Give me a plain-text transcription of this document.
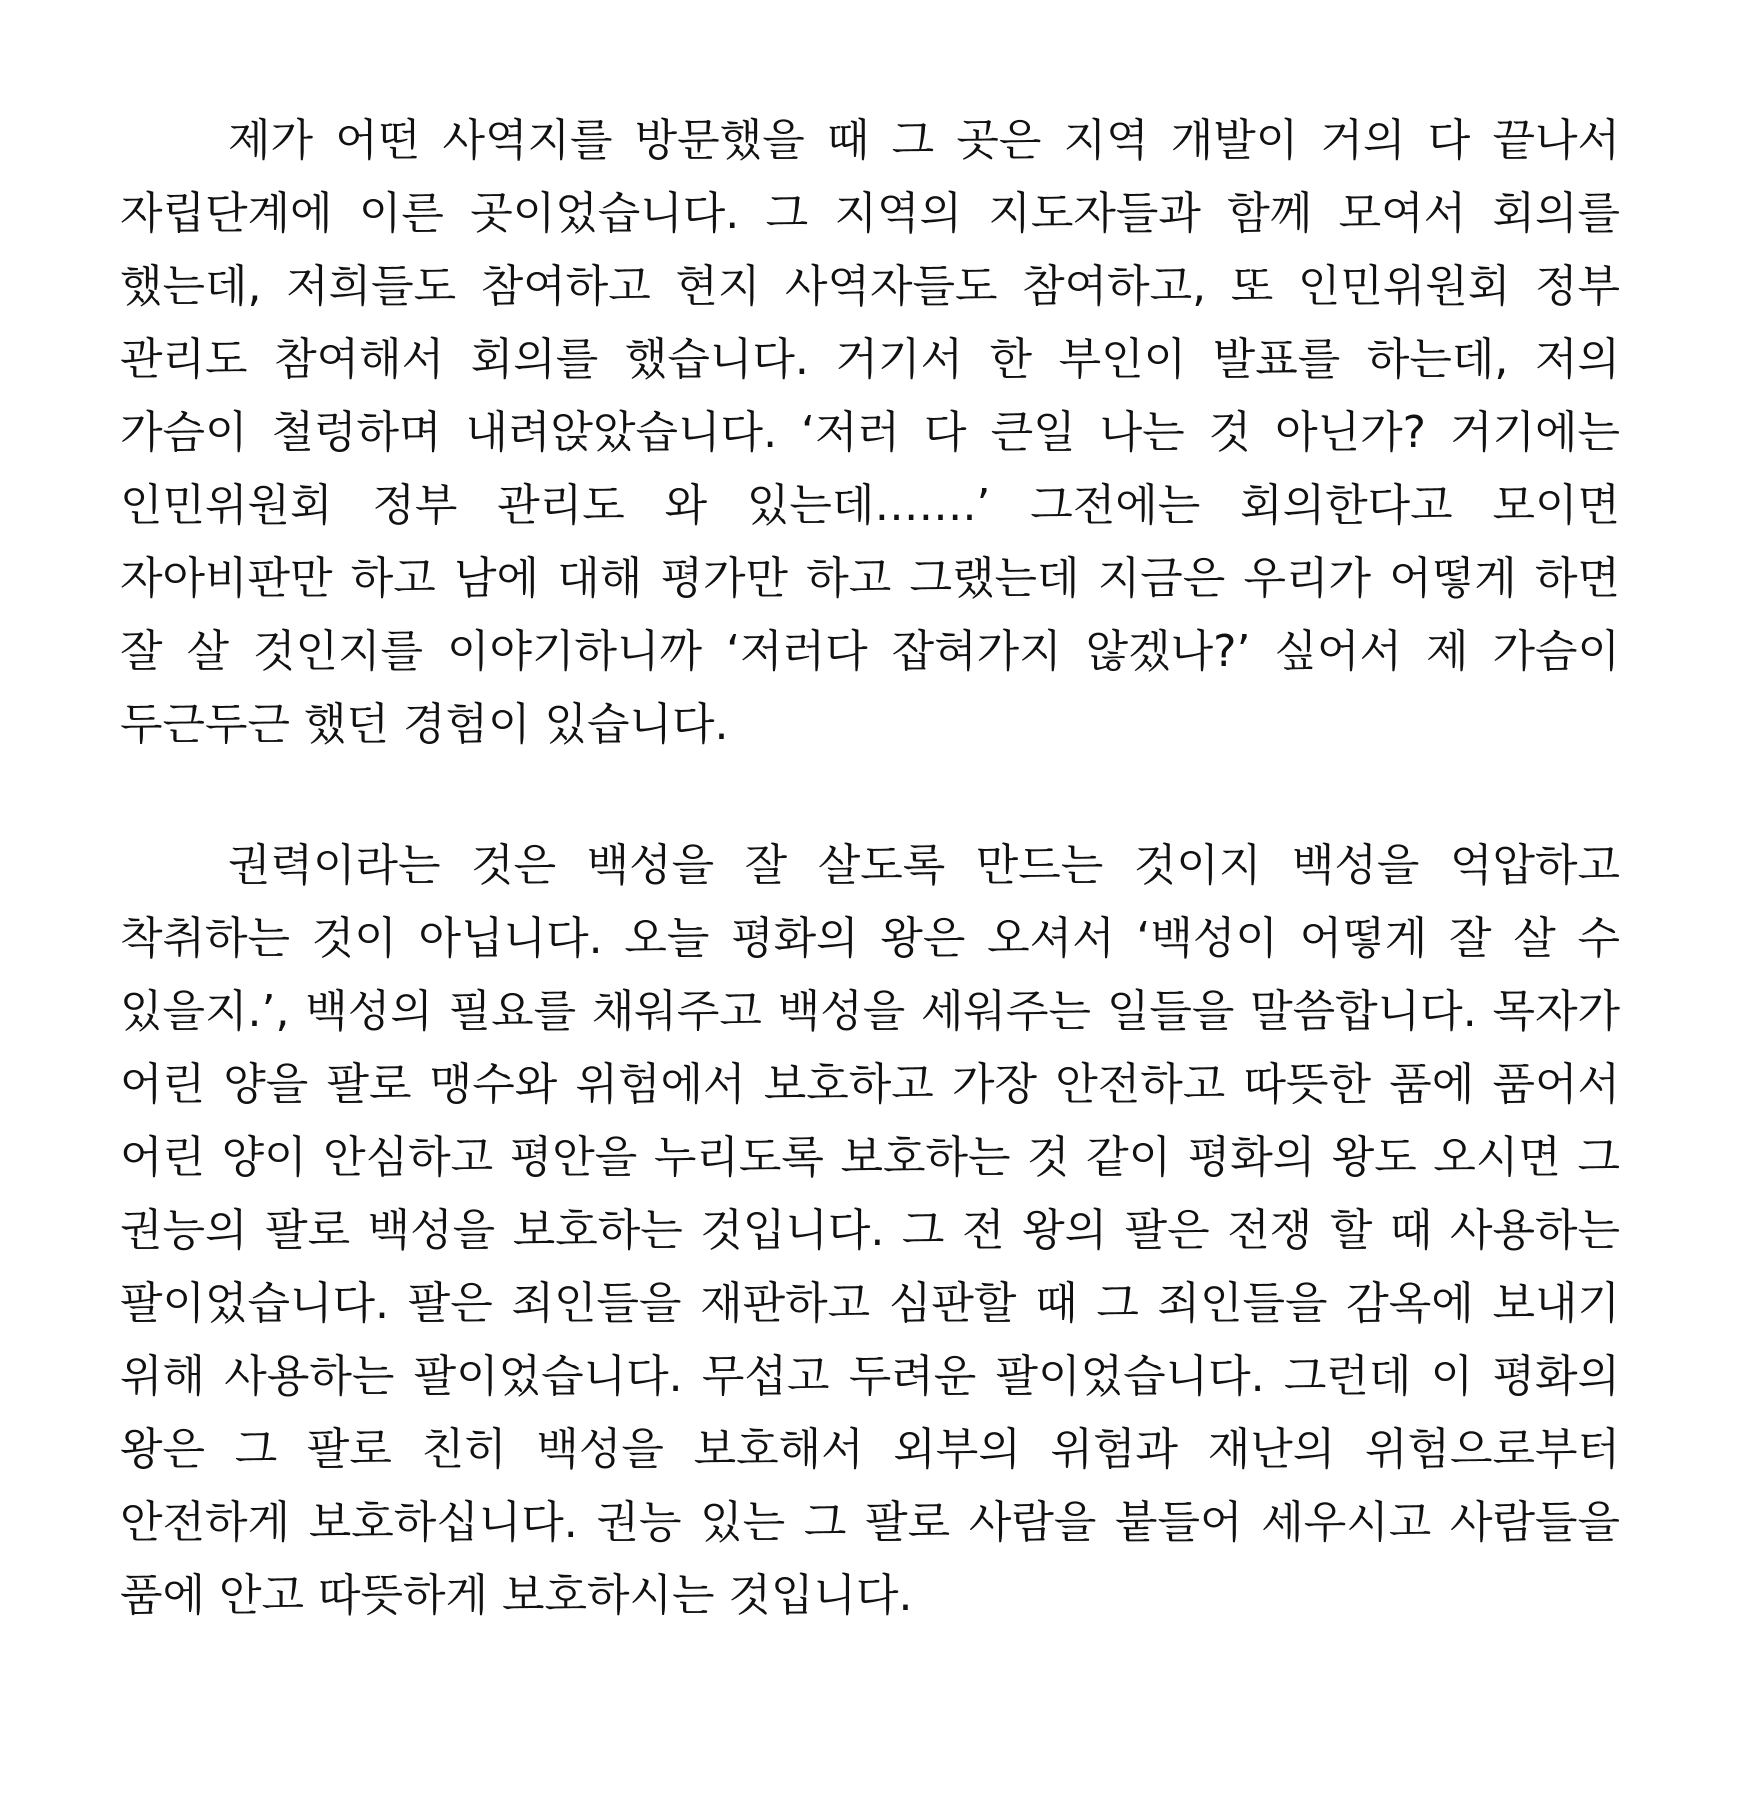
제가 어떤 사역지를 방문했을 때 그 곳은 지역 개발이 거의 다 끝나서 자립단계에 이른 곳이었습니다. 그 지역의 지도자들과 함께 모여서 회의를 했는데, 저희들도 참여하고 현지 사역자들도 참여하고, 또 인민위원회 정부 관리도 참여해서 회의를 했습니다. 거기서 한 부인이 발표를 하는데, 저의 가슴이 철렁하며 내려앉았습니다. ‘저러 다 큰일 나는 것 아닌가? 거기에는 인민위원회 정부 관리도 와 있는데…….’ 그전에는 회의한다고 모이면 자아비판만 하고 남에 대해 평가만 하고 그랬는데 지금은 우리가 어떻게 하면 잘 살 것인지를 이야기하니까 ‘저러다 잡혀가지 않겠나?’ 싶어서 제 가슴이 두근두근 했던 경험이 있습니다.

권력이라는 것은 백성을 잘 살도록 만드는 것이지 백성을 억압하고 착취하는 것이 아닙니다. 오늘 평화의 왕은 오셔서 ‘백성이 어떻게 잘 살 수 있을지.’, 백성의 필요를 채워주고 백성을 세워주는 일들을 말씀합니다. 목자가 어린 양을 팔로 맹수와 위험에서 보호하고 가장 안전하고 따뜻한 품에 품어서 어린 양이 안심하고 평안을 누리도록 보호하는 것 같이 평화의 왕도 오시면 그 권능의 팔로 백성을 보호하는 것입니다. 그 전 왕의 팔은 전쟁 할 때 사용하는 팔이었습니다. 팔은 죄인들을 재판하고 심판할 때 그 죄인들을 감옥에 보내기 위해 사용하는 팔이었습니다. 무섭고 두려운 팔이었습니다. 그런데 이 평화의 왕은 그 팔로 친히 백성을 보호해서 외부의 위험과 재난의 위험으로부터 안전하게 보호하십니다. 권능 있는 그 팔로 사람을 붙들어 세우시고 사람들을 품에 안고 따뜻하게 보호하시는 것입니다.
